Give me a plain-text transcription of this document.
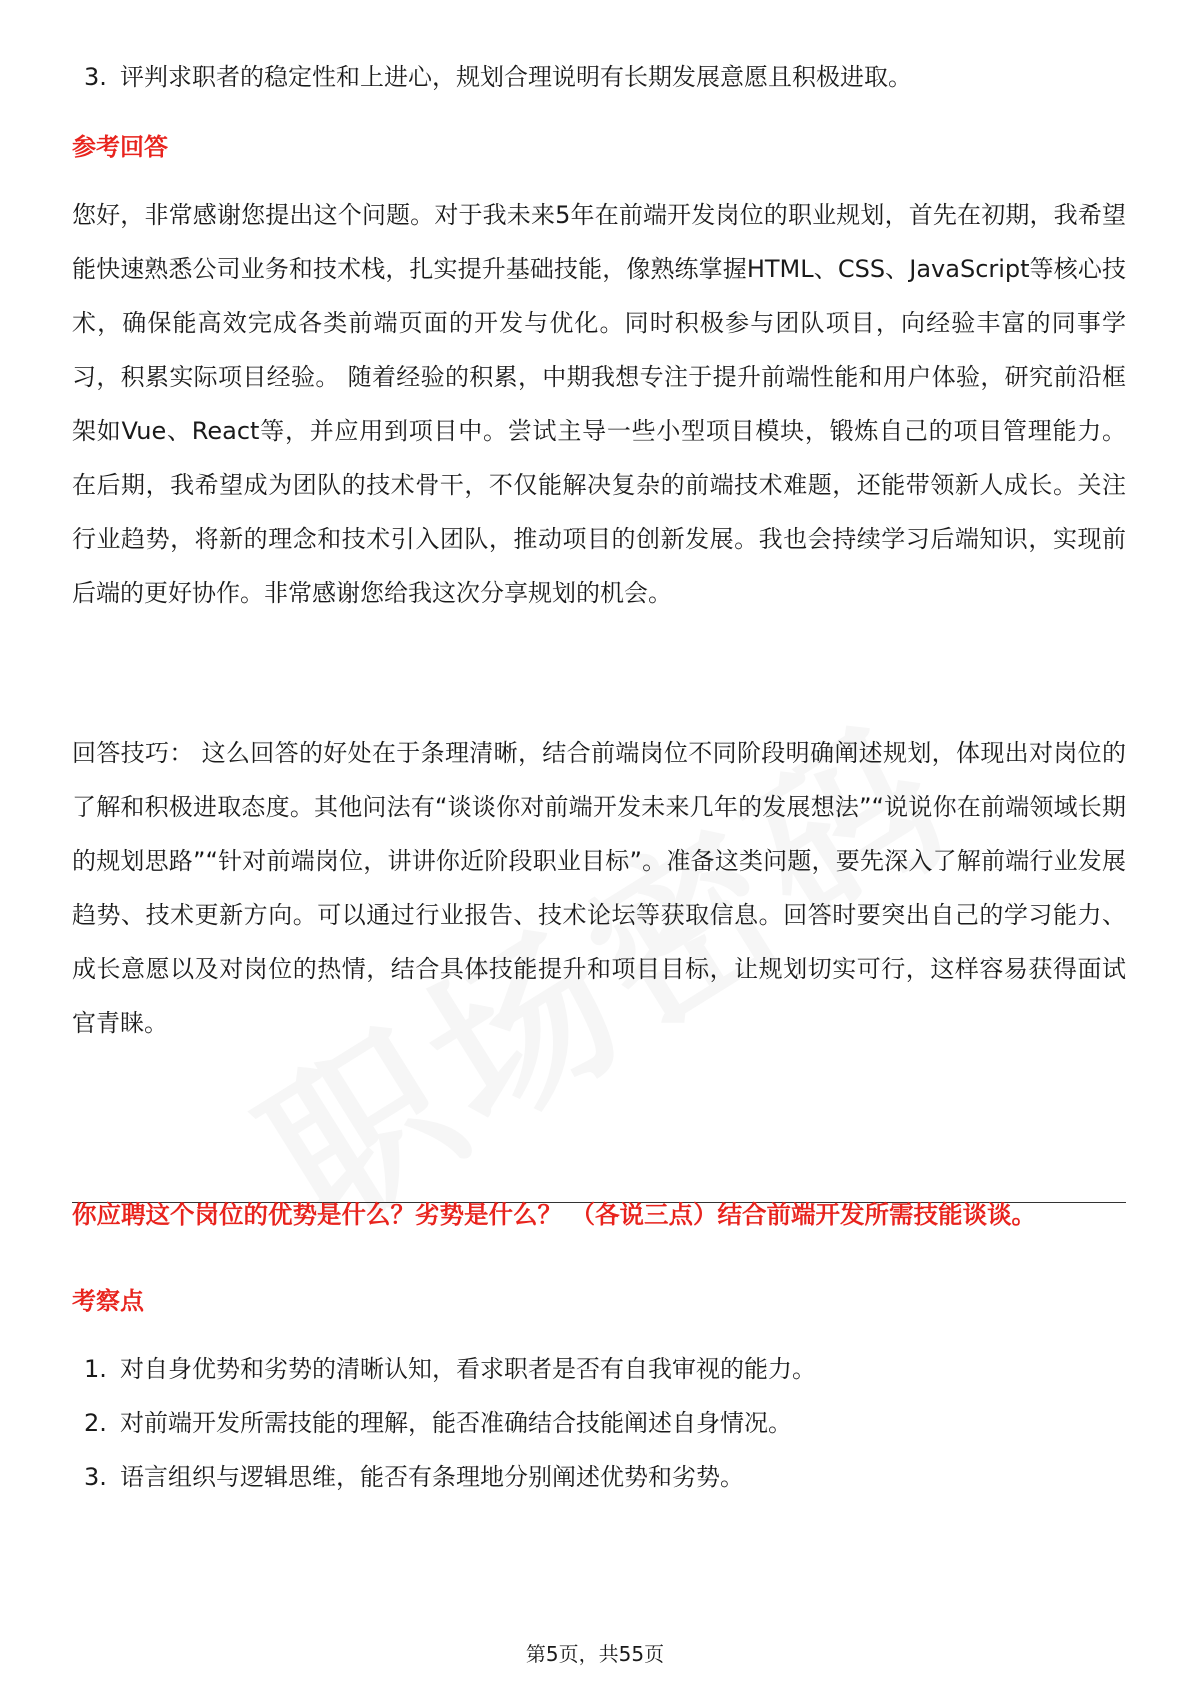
3. 评判求职者的稳定性和上进心，规划合理说明有长期发展意愿且积极进取。
参考回答

您好，非常感谢您提出这个问题。对于我未来5年在前端开发岗位的职业规划，首先在初期，我希望能快速熟悉公司业务和技术栈，扎实提升基础技能，像熟练掌握HTML、CSS、JavaScript等核心技术，确保能高效完成各类前端页面的开发与优化。同时积极参与团队项目，向经验丰富的同事学习，积累实际项目经验。 随着经验的积累，中期我想专注于提升前端性能和用户体验，研究前沿框架如Vue、React等，并应用到项目中。尝试主导一些小型项目模块，锻炼自己的项目管理能力。 在后期，我希望成为团队的技术骨干，不仅能解决复杂的前端技术难题，还能带领新人成长。关注行业趋势，将新的理念和技术引入团队，推动项目的创新发展。我也会持续学习后端知识，实现前后端的更好协作。非常感谢您给我这次分享规划的机会。

回答技巧： 这么回答的好处在于条理清晰，结合前端岗位不同阶段明确阐述规划，体现出对岗位的了解和积极进取态度。其他问法有“谈谈你对前端开发未来几年的发展想法”“说说你在前端领域长期的规划思路”“针对前端岗位，讲讲你近阶段职业目标”。准备这类问题，要先深入了解前端行业发展趋势、技术更新方向。可以通过行业报告、技术论坛等获取信息。回答时要突出自己的学习能力、成长意愿以及对岗位的热情，结合具体技能提升和项目目标，让规划切实可行，这样容易获得面试官青睐。

你应聘这个岗位的优势是什么？劣势是什么？ （各说三点）结合前端开发所需技能谈谈。

考察点
1. 对自身优势和劣势的清晰认知，看求职者是否有自我审视的能力。
2. 对前端开发所需技能的理解，能否准确结合技能阐述自身情况。
3. 语言组织与逻辑思维，能否有条理地分别阐述优势和劣势。
第5页，共55页
